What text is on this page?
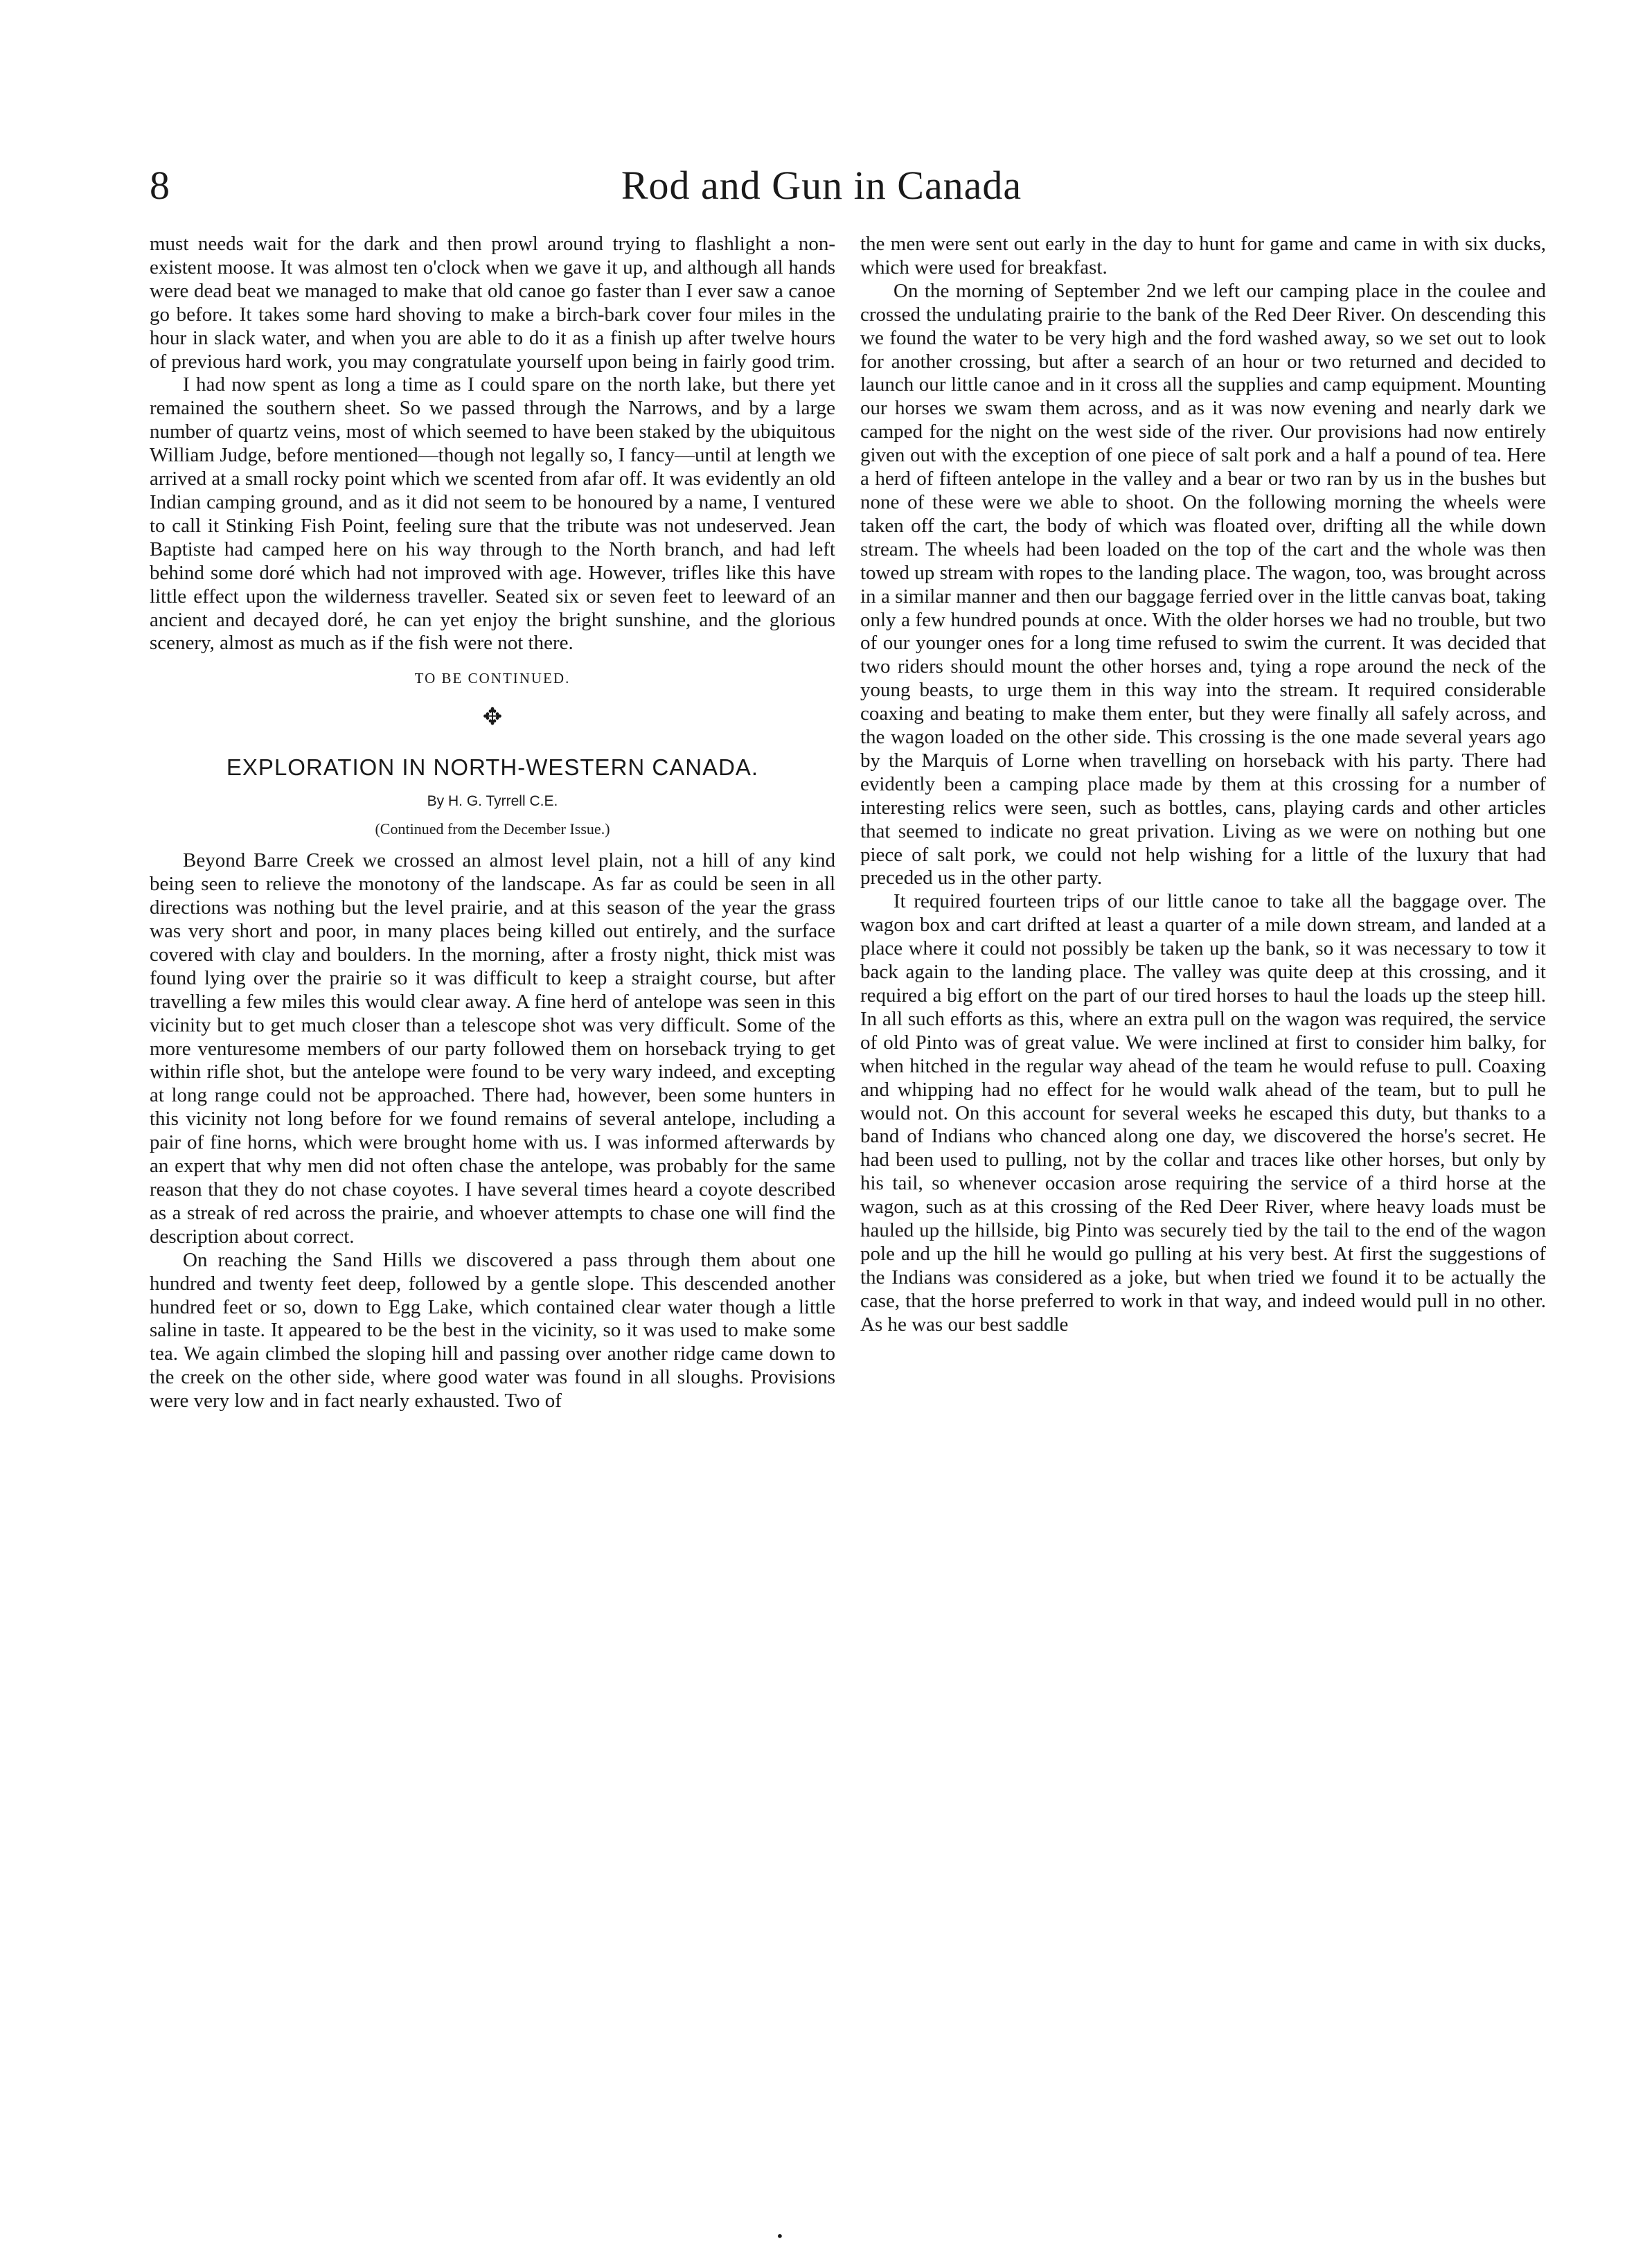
8	Rod and Gun in Canada

must needs wait for the dark and then prowl around trying to flashlight a non-existent moose. It was almost ten o'clock when we gave it up, and although all hands were dead beat we managed to make that old canoe go faster than I ever saw a canoe go before. It takes some hard shoving to make a birch-bark cover four miles in the hour in slack water, and when you are able to do it as a finish up after twelve hours of previous hard work, you may congratulate yourself upon being in fairly good trim.

I had now spent as long a time as I could spare on the north lake, but there yet remained the southern sheet. So we passed through the Narrows, and by a large number of quartz veins, most of which seemed to have been staked by the ubiquitous William Judge, before mentioned—though not legally so, I fancy—until at length we arrived at a small rocky point which we scented from afar off. It was evidently an old Indian camping ground, and as it did not seem to be honoured by a name, I ventured to call it Stinking Fish Point, feeling sure that the tribute was not undeserved. Jean Baptiste had camped here on his way through to the North branch, and had left behind some doré which had not improved with age. However, trifles like this have little effect upon the wilderness traveller. Seated six or seven feet to leeward of an ancient and decayed doré, he can yet enjoy the bright sunshine, and the glorious scenery, almost as much as if the fish were not there.

TO BE CONTINUED.
✥
EXPLORATION IN NORTH-WESTERN CANADA.
By H. G. Tyrrell C.E.
(Continued from the December Issue.)

Beyond Barre Creek we crossed an almost level plain, not a hill of any kind being seen to relieve the monotony of the landscape. As far as could be seen in all directions was nothing but the level prairie, and at this season of the year the grass was very short and poor, in many places being killed out entirely, and the surface covered with clay and boulders. In the morning, after a frosty night, thick mist was found lying over the prairie so it was difficult to keep a straight course, but after travelling a few miles this would clear away. A fine herd of antelope was seen in this vicinity but to get much closer than a telescope shot was very difficult. Some of the more venturesome members of our party followed them on horseback trying to get within rifle shot, but the antelope were found to be very wary indeed, and excepting at long range could not be approached. There had, however, been some hunters in this vicinity not long before for we found remains of several antelope, including a pair of fine horns, which were brought home with us. I was informed afterwards by an expert that why men did not often chase the antelope, was probably for the same reason that they do not chase coyotes. I have several times heard a coyote described as a streak of red across the prairie, and whoever attempts to chase one will find the description about correct.

On reaching the Sand Hills we discovered a pass through them about one hundred and twenty feet deep, followed by a gentle slope. This descended another hundred feet or so, down to Egg Lake, which contained clear water though a little saline in taste. It appeared to be the best in the vicinity, so it was used to make some tea. We again climbed the sloping hill and passing over another ridge came down to the creek on the other side, where good water was found in all sloughs. Provisions were very low and in fact nearly exhausted. Two of

the men were sent out early in the day to hunt for game and came in with six ducks, which were used for breakfast.

On the morning of September 2nd we left our camping place in the coulee and crossed the undulating prairie to the bank of the Red Deer River. On descending this we found the water to be very high and the ford washed away, so we set out to look for another crossing, but after a search of an hour or two returned and decided to launch our little canoe and in it cross all the supplies and camp equipment. Mounting our horses we swam them across, and as it was now evening and nearly dark we camped for the night on the west side of the river. Our provisions had now entirely given out with the exception of one piece of salt pork and a half a pound of tea. Here a herd of fifteen antelope in the valley and a bear or two ran by us in the bushes but none of these were we able to shoot. On the following morning the wheels were taken off the cart, the body of which was floated over, drifting all the while down stream. The wheels had been loaded on the top of the cart and the whole was then towed up stream with ropes to the landing place. The wagon, too, was brought across in a similar manner and then our baggage ferried over in the little canvas boat, taking only a few hundred pounds at once. With the older horses we had no trouble, but two of our younger ones for a long time refused to swim the current. It was decided that two riders should mount the other horses and, tying a rope around the neck of the young beasts, to urge them in this way into the stream. It required considerable coaxing and beating to make them enter, but they were finally all safely across, and the wagon loaded on the other side. This crossing is the one made several years ago by the Marquis of Lorne when travelling on horseback with his party. There had evidently been a camping place made by them at this crossing for a number of interesting relics were seen, such as bottles, cans, playing cards and other articles that seemed to indicate no great privation. Living as we were on nothing but one piece of salt pork, we could not help wishing for a little of the luxury that had preceded us in the other party.

It required fourteen trips of our little canoe to take all the baggage over. The wagon box and cart drifted at least a quarter of a mile down stream, and landed at a place where it could not possibly be taken up the bank, so it was necessary to tow it back again to the landing place. The valley was quite deep at this crossing, and it required a big effort on the part of our tired horses to haul the loads up the steep hill. In all such efforts as this, where an extra pull on the wagon was required, the service of old Pinto was of great value. We were inclined at first to consider him balky, for when hitched in the regular way ahead of the team he would refuse to pull. Coaxing and whipping had no effect for he would walk ahead of the team, but to pull he would not. On this account for several weeks he escaped this duty, but thanks to a band of Indians who chanced along one day, we discovered the horse's secret. He had been used to pulling, not by the collar and traces like other horses, but only by his tail, so whenever occasion arose requiring the service of a third horse at the wagon, such as at this crossing of the Red Deer River, where heavy loads must be hauled up the hillside, big Pinto was securely tied by the tail to the end of the wagon pole and up the hill he would go pulling at his very best. At first the suggestions of the Indians was considered as a joke, but when tried we found it to be actually the case, that the horse preferred to work in that way, and indeed would pull in no other. As he was our best saddle

•
